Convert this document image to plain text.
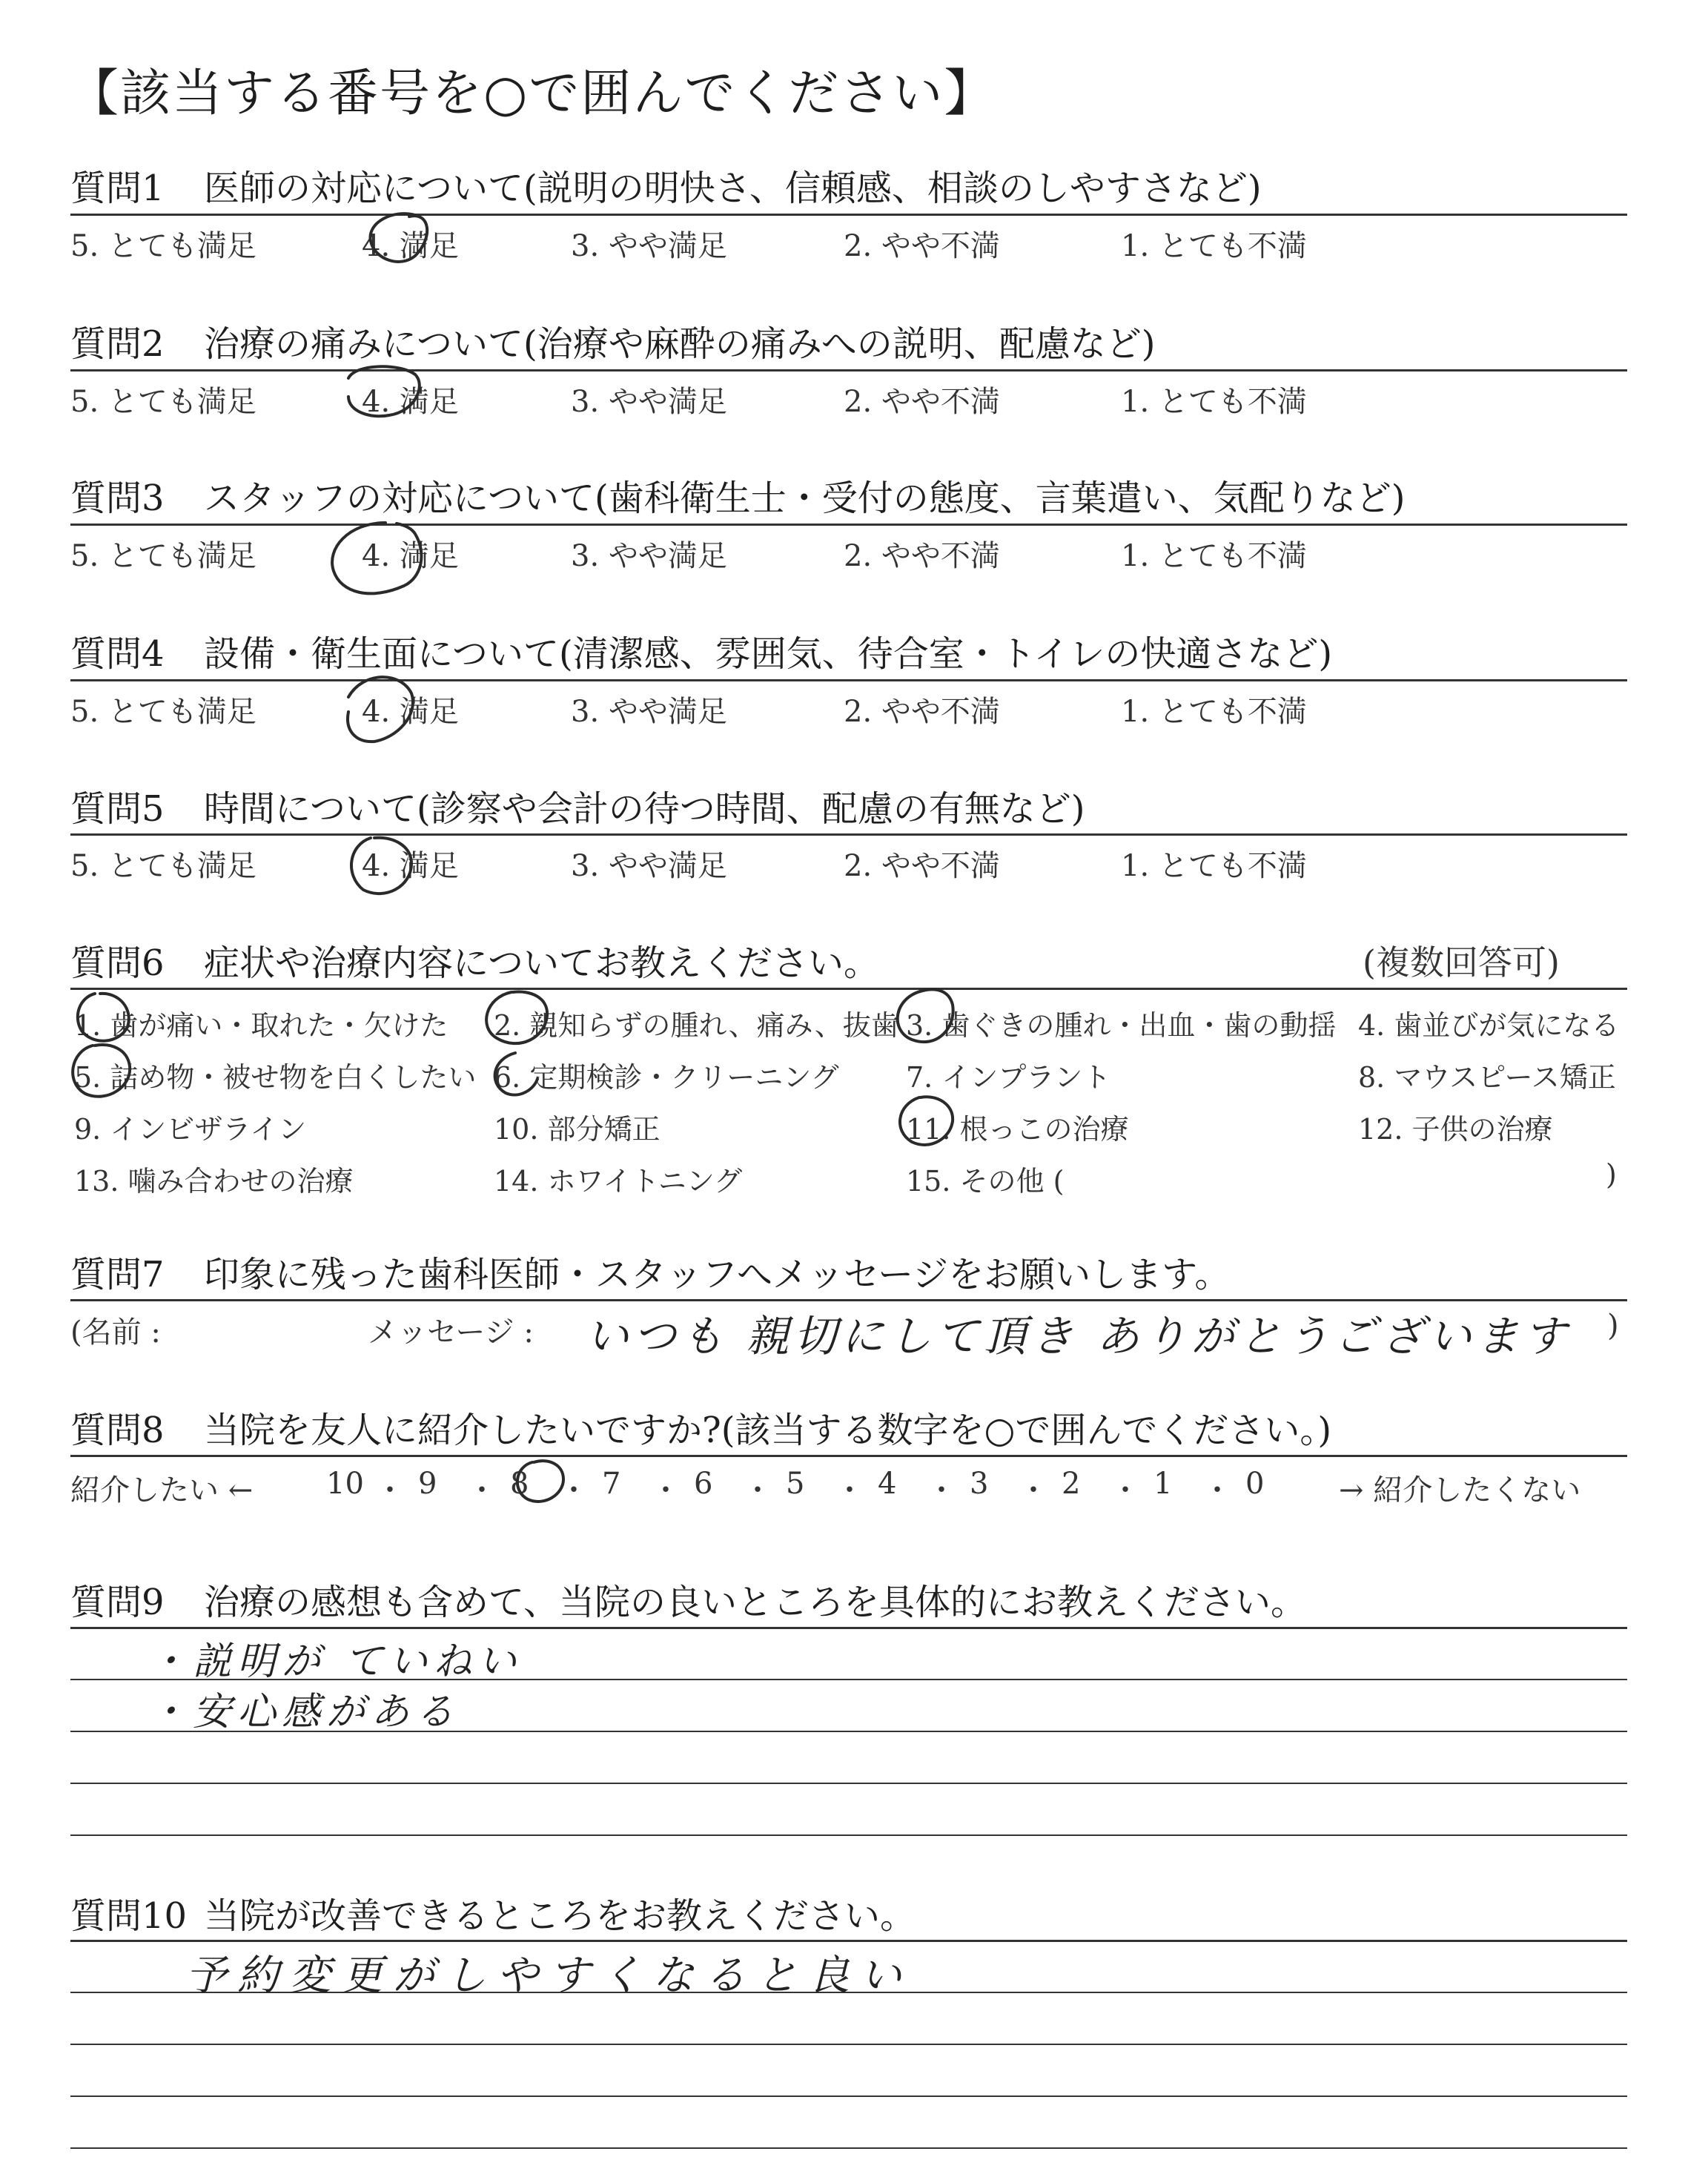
【該当する番号を○で囲んでください】
質問1 医師の対応について(説明の明快さ、信頼感、相談のしやすさなど)
5. とても満足	4. 満足	3. やや満足	2. やや不満	1. とても不満
質問2 治療の痛みについて(治療や麻酔の痛みへの説明、配慮など)
5. とても満足	4. 満足	3. やや満足	2. やや不満	1. とても不満
質問3 スタッフの対応について(歯科衛生士・受付の態度、言葉遣い、気配りなど)
5. とても満足	4. 満足	3. やや満足	2. やや不満	1. とても不満
質問4 設備・衛生面について(清潔感、雰囲気、待合室・トイレの快適さなど)
5. とても満足	4. 満足	3. やや満足	2. やや不満	1. とても不満
質問5 時間について(診察や会計の待つ時間、配慮の有無など)
5. とても満足	4. 満足	3. やや満足	2. やや不満	1. とても不満
質問6 症状や治療内容についてお教えください。	(複数回答可)
1. 歯が痛い・取れた・欠けた 2. 親知らずの腫れ、痛み、抜歯 3. 歯ぐきの腫れ・出血・歯の動揺 4. 歯並びが気になる
5. 詰め物・被せ物を白くしたい 6. 定期検診・クリーニング 7. インプラント	8. マウスピース矯正
9. インビザライン	10. 部分矯正	11. 根っこの治療	12. 子供の治療
13. 噛み合わせの治療	14. ホワイトニング	15. その他 (	)
質問7 印象に残った歯科医師・スタッフへメッセージをお願いします。
(名前 :	メッセージ : いつも 親切にして頂き ありがとうございます )
質問8 当院を友人に紹介したいですか?(該当する数字を○で囲んでください。)
紹介したい ←	→ 紹介したくない
10 ・ 9 ・ 8 ・ 7 ・ 6 ・ 5 ・ 4 ・ 3 ・ 2 ・ 1 ・ 0
質問9 治療の感想も含めて、当院の良いところを具体的にお教えください。
・説明が ていねい
・安心感がある
質問10 当院が改善できるところをお教えください。
予約変更がしやすくなると良い
